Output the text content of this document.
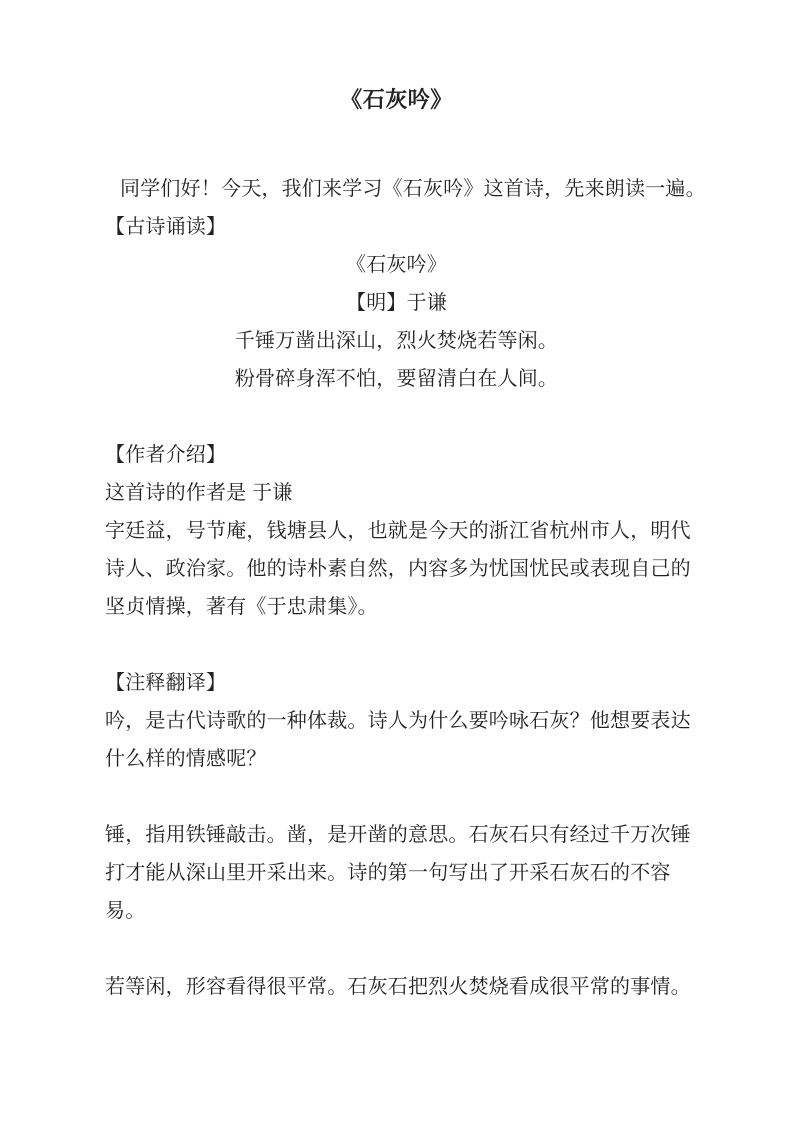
《石灰吟》

同学们好！今天，我们来学习《石灰吟》这首诗，先来朗读一遍。

【古诗诵读】

《石灰吟》

【明】于谦

千锤万凿出深山，烈火焚烧若等闲。

粉骨碎身浑不怕，要留清白在人间。

【作者介绍】

这首诗的作者是 于谦

字廷益，号节庵，钱塘县人，也就是今天的浙江省杭州市人，明代

诗人、政治家。他的诗朴素自然，内容多为忧国忧民或表现自己的

坚贞情操，著有《于忠肃集》。

【注释翻译】

吟，是古代诗歌的一种体裁。诗人为什么要吟咏石灰？他想要表达

什么样的情感呢？

锤，指用铁锤敲击。凿，是开凿的意思。石灰石只有经过千万次锤

打才能从深山里开采出来。诗的第一句写出了开采石灰石的不容

易。

若等闲，形容看得很平常。石灰石把烈火焚烧看成很平常的事情。
